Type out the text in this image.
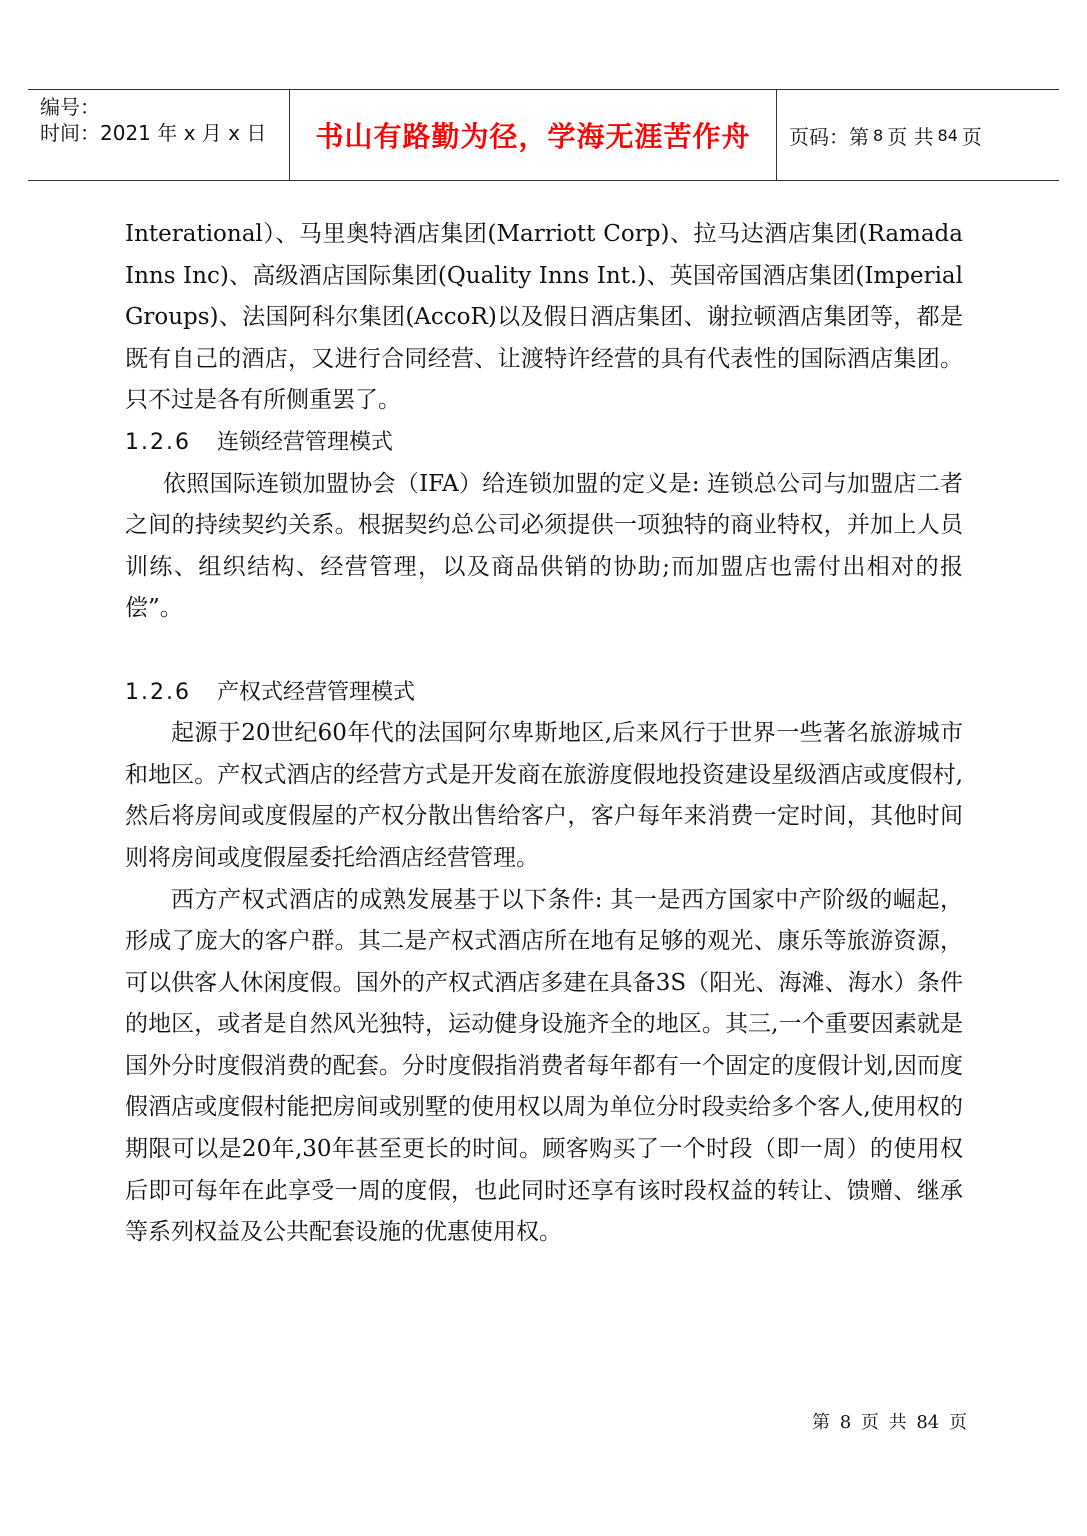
编号：
时间：2021 年 x 月 x 日	书山有路勤为径，学海无涯苦作舟	页码：第 8 页 共 84 页

Interational）、马里奥特酒店集团(Marriott Corp)、拉马达酒店集团(Ramada Inns Inc)、高级酒店国际集团(Quality Inns Int.)、英国帝国酒店集团(Imperial Groups)、法国阿科尔集团(AccoR)以及假日酒店集团、谢拉顿酒店集团等，都是既有自己的酒店，又进行合同经营、让渡特许经营的具有代表性的国际酒店集团。只不过是各有所侧重罢了。

1.2.6 连锁经营管理模式

依照国际连锁加盟协会（IFA）给连锁加盟的定义是: 连锁总公司与加盟店二者之间的持续契约关系。根据契约总公司必须提供一项独特的商业特权，并加上人员训练、组织结构、经营管理，以及商品供销的协助;而加盟店也需付出相对的报偿”。

1.2.6 产权式经营管理模式

起源于20世纪60年代的法国阿尔卑斯地区,后来风行于世界一些著名旅游城市和地区。产权式酒店的经营方式是开发商在旅游度假地投资建设星级酒店或度假村,然后将房间或度假屋的产权分散出售给客户，客户每年来消费一定时间，其他时间则将房间或度假屋委托给酒店经营管理。

西方产权式酒店的成熟发展基于以下条件: 其一是西方国家中产阶级的崛起，形成了庞大的客户群。其二是产权式酒店所在地有足够的观光、康乐等旅游资源，可以供客人休闲度假。国外的产权式酒店多建在具备3S（阳光、海滩、海水）条件的地区，或者是自然风光独特，运动健身设施齐全的地区。其三,一个重要因素就是国外分时度假消费的配套。分时度假指消费者每年都有一个固定的度假计划,因而度假酒店或度假村能把房间或别墅的使用权以周为单位分时段卖给多个客人,使用权的期限可以是20年,30年甚至更长的时间。顾客购买了一个时段（即一周）的使用权后即可每年在此享受一周的度假，也此同时还享有该时段权益的转让、馈赠、继承等系列权益及公共配套设施的优惠使用权。

第 8 页 共 84 页
